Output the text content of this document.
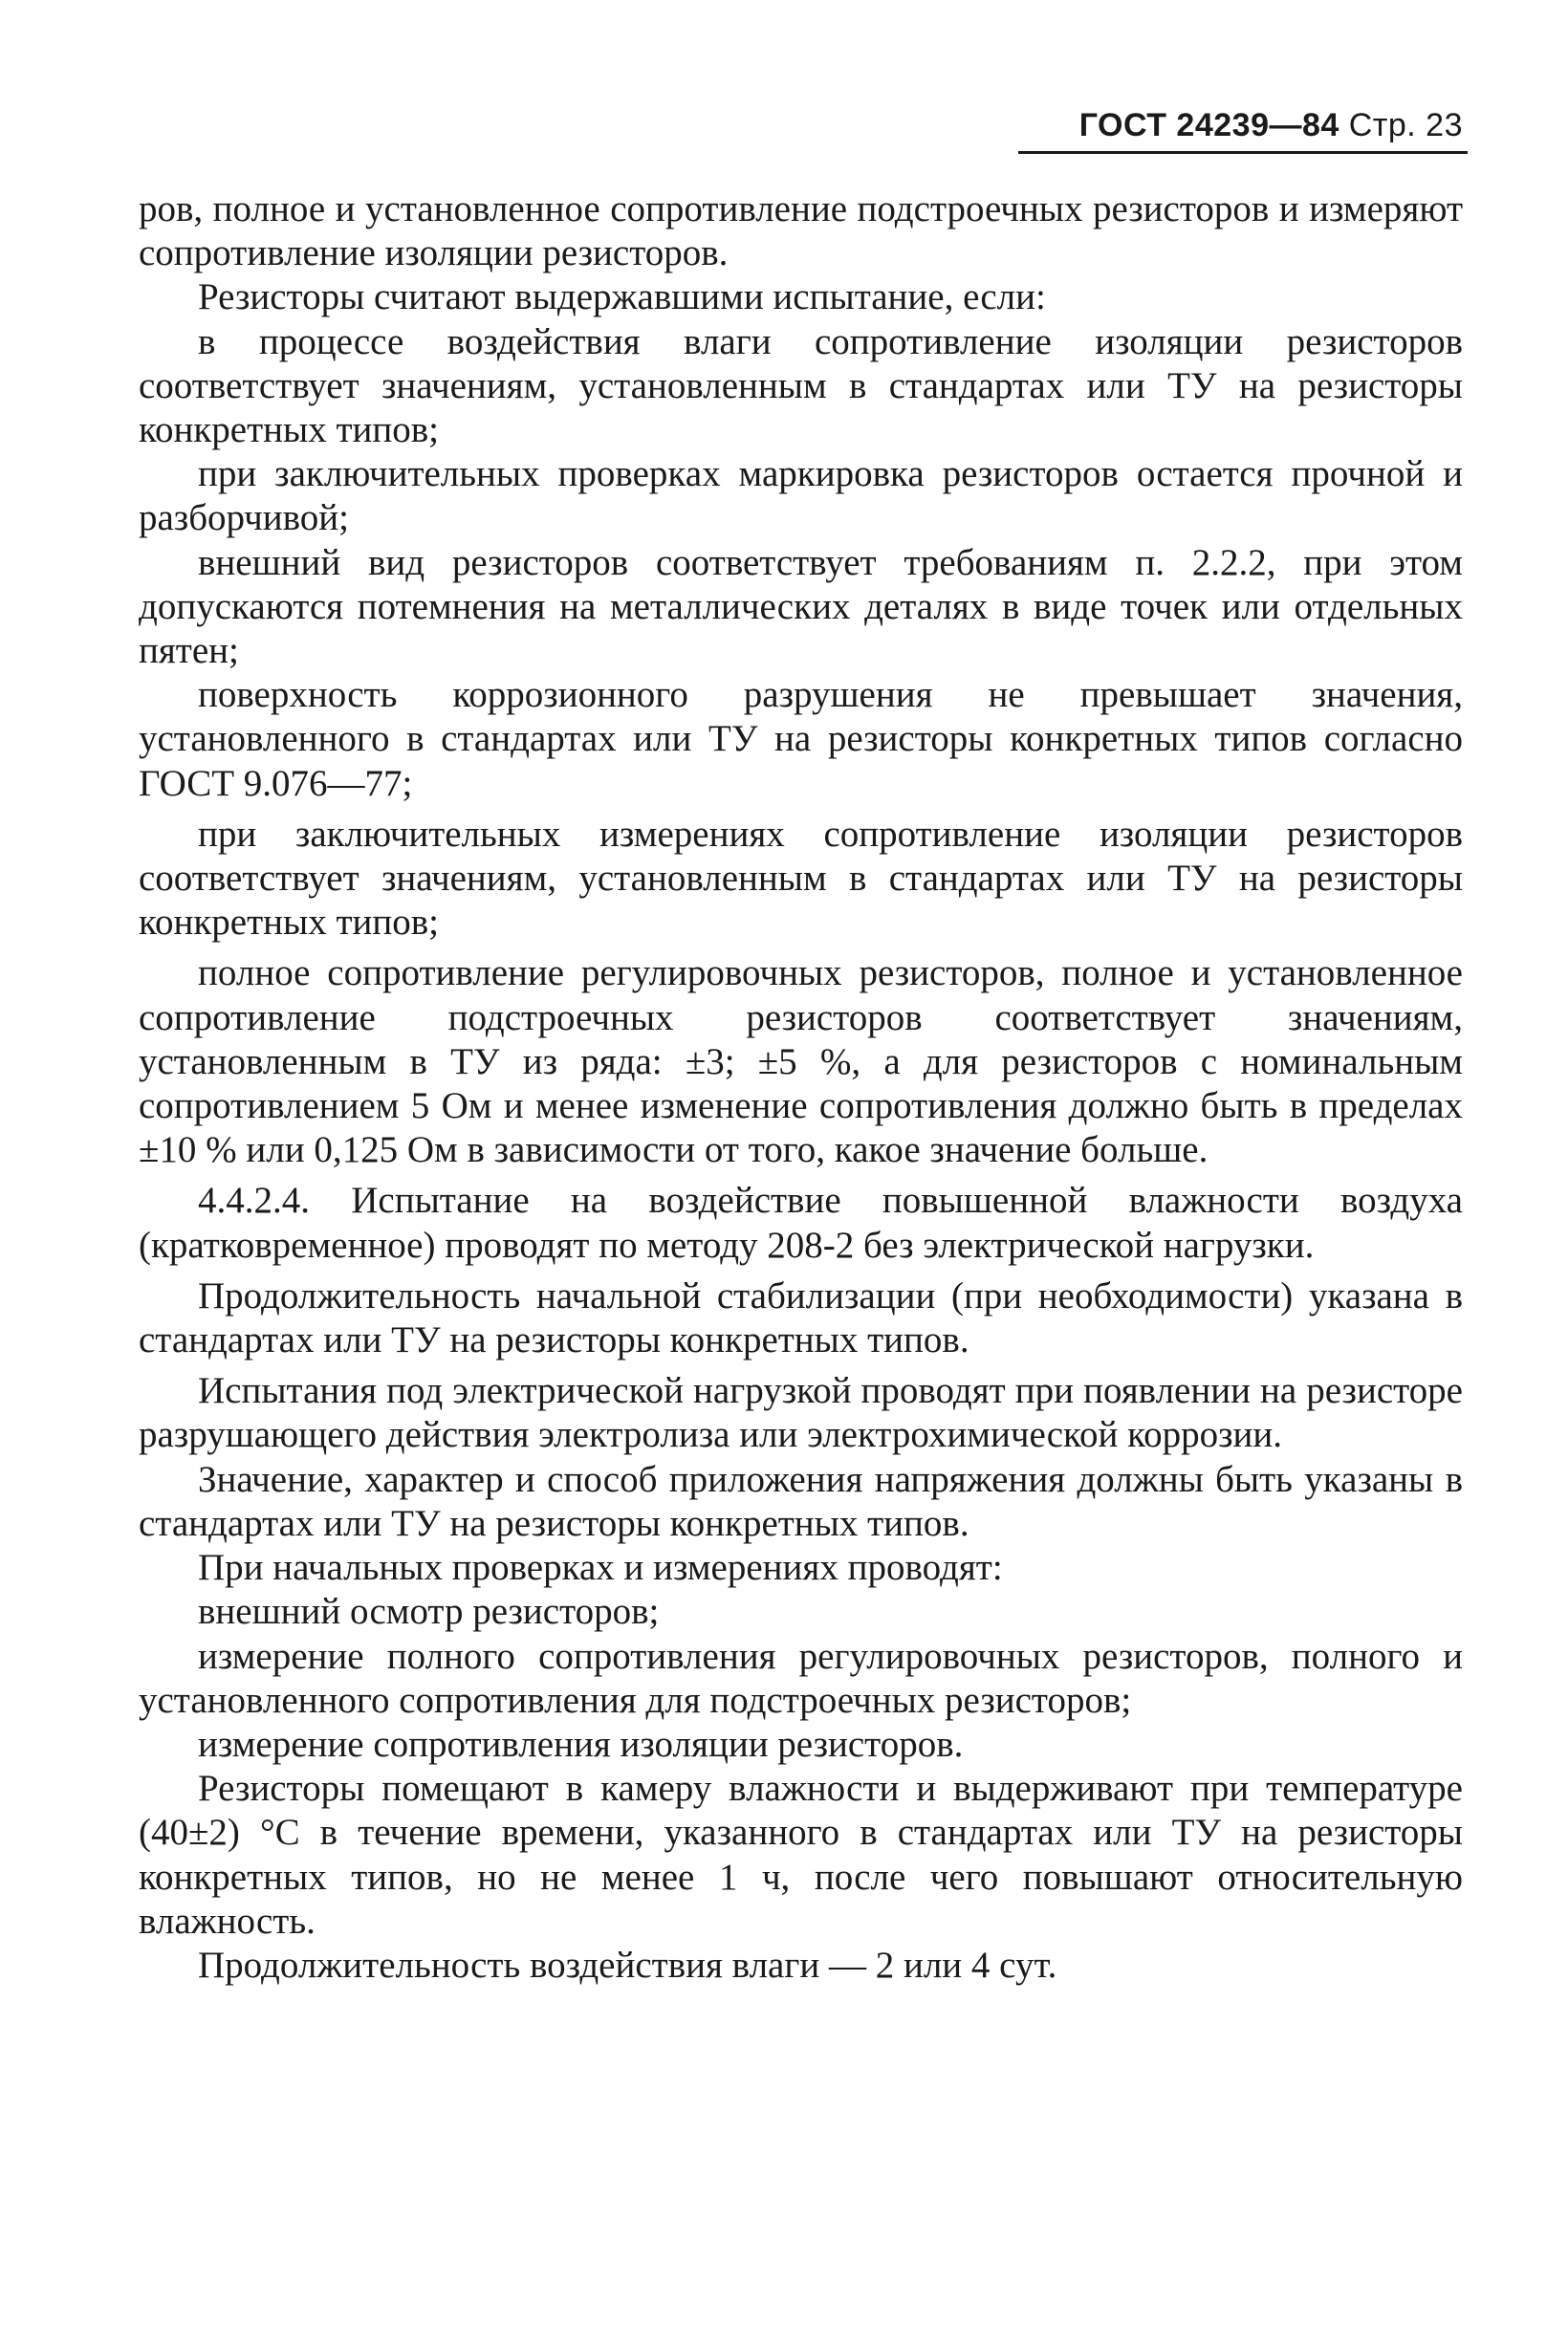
ГОСТ 24239—84 Стр. 23

ров, полное и установленное сопротивление подстроечных резисторов и измеряют сопротивление изоляции резисторов.

Резисторы считают выдержавшими испытание, если:

в процессе воздействия влаги сопротивление изоляции резисторов соответствует значениям, установленным в стандартах или ТУ на резисторы конкретных типов;

при заключительных проверках маркировка резисторов остается прочной и разборчивой;

внешний вид резисторов соответствует требованиям п. 2.2.2, при этом допускаются потемнения на металлических деталях в виде точек или отдельных пятен;

поверхность коррозионного разрушения не превышает значения, установленного в стандартах или ТУ на резисторы конкретных типов согласно ГОСТ 9.076—77;

при заключительных измерениях сопротивление изоляции резисторов соответствует значениям, установленным в стандартах или ТУ на резисторы конкретных типов;

полное сопротивление регулировочных резисторов, полное и установленное сопротивление подстроечных резисторов соответствует значениям, установленным в ТУ из ряда: ±3; ±5 %, а для резисторов с номинальным сопротивлением 5 Ом и менее изменение сопротивления должно быть в пределах ±10 % или 0,125 Ом в зависимости от того, какое значение больше.

4.4.2.4. Испытание на воздействие повышенной влажности воздуха (кратковременное) проводят по методу 208-2 без электрической нагрузки.

Продолжительность начальной стабилизации (при необходимости) указана в стандартах или ТУ на резисторы конкретных типов.

Испытания под электрической нагрузкой проводят при появлении на резисторе разрушающего действия электролиза или электрохимической коррозии.

Значение, характер и способ приложения напряжения должны быть указаны в стандартах или ТУ на резисторы конкретных типов.

При начальных проверках и измерениях проводят:

внешний осмотр резисторов;

измерение полного сопротивления регулировочных резисторов, полного и установленного сопротивления для подстроечных резисторов;

измерение сопротивления изоляции резисторов.

Резисторы помещают в камеру влажности и выдерживают при температуре (40±2) °С в течение времени, указанного в стандартах или ТУ на резисторы конкретных типов, но не менее 1 ч, после чего повышают относительную влажность.

Продолжительность воздействия влаги — 2 или 4 сут.
